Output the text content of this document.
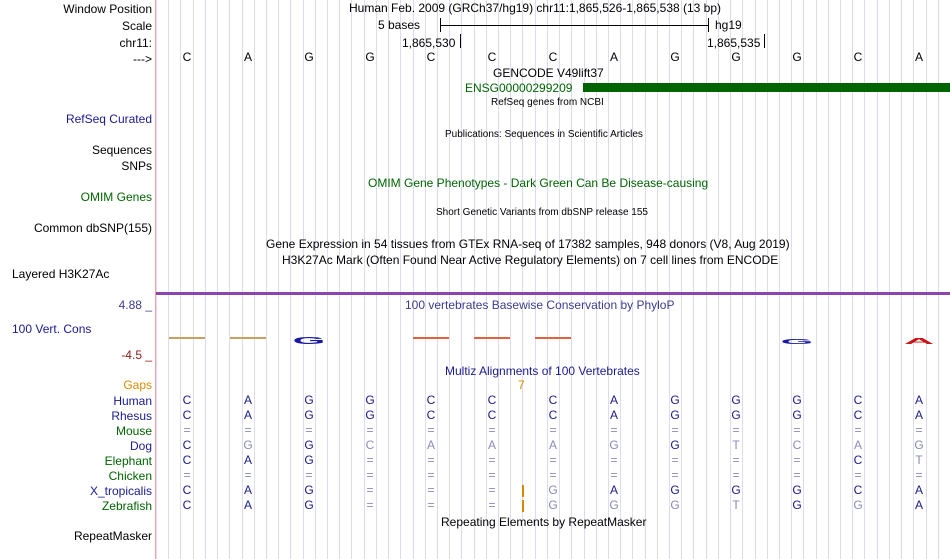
Window Position
Scale
chr11:
--->
RefSeq Curated
Sequences
SNPs
OMIM Genes
Common dbSNP(155)
Layered H3K27Ac
4.88 _
100 Vert. Cons
-4.5 _
Gaps
Human
Rhesus
Mouse
Dog
Elephant
Chicken
X_tropicalis
Zebrafish
RepeatMasker
Human Feb. 2009 (GRCh37/hg19) chr11:1,865,526-1,865,538 (13 bp)
5 bases	hg19
1,865,530	1,865,535
C	A	G	G	C	C	C	A	G	G	G	C	A
GENCODE V49lift37
ENSG00000299209
RefSeq genes from NCBI
Publications: Sequences in Scientific Articles
OMIM Gene Phenotypes - Dark Green Can Be Disease-causing
Short Genetic Variants from dbSNP release 155
Gene Expression in 54 tissues from GTEx RNA-seq of 17382 samples, 948 donors (V8, Aug 2019)
H3K27Ac Mark (Often Found Near Active Regulatory Elements) on 7 cell lines from ENCODE
100 vertebrates Basewise Conservation by PhyloP
G	G	A
Multiz Alignments of 100 Vertebrates
7
C	A	G	G	C	C	C	A	G	G	G	C	A
C	A	G	G	C	C	C	A	G	G	G	C	A
=	=	=	=	=	=	=	=	=	=	=	=	=
C	G	G	C	A	A	A	G	G	T	C	A	G
C	A	G	=	=	=	=	=	=	=	=	C	T
=	=	=	=	=	=	=	=	=	=	=	=	=
C	A	G	=	=	=	G	A	G	G	G	C	A
C	A	G	=	=	=	G	G	G	T	G	G	A
Repeating Elements by RepeatMasker
